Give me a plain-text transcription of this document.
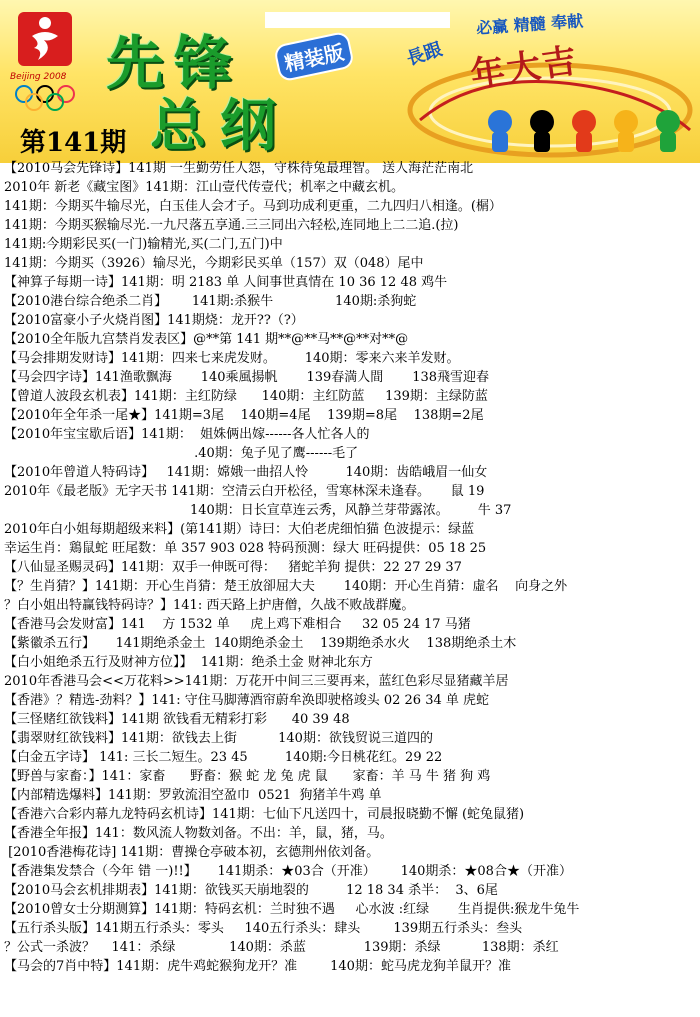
Beijing 2008 先锋	精装版
总纲
第141期
必赢 精髓 奉献
長跟 年大吉
【2010马会先锋诗】141期 一生勤劳任人怨，守株待兔最理智。 送人海茫茫南北
2010年 新老《藏宝图》141期：江山壹代传壹代；机率之中藏玄机。
141期：今期买牛输尽光，白玉佳人会才子。马到功成利更重，二九四归八相逢。(榍）
141期：今期买猴输尽光.一九尺落五享通.三三同出六轻松,连同地上二二追.(拉)
141期:今期彩民买(一门)输精光,买(二门,五门)中
141期：今期买（3926）输尽光，今期彩民买单（157）双（048）尾中
【神算子每期一诗】141期：明 2183 单 人间事世真情在 10 36 12 48 鸡牛
【2010港台综合绝杀二肖】      141期:杀猴牛               140期:杀狗蛇
【2010富豪小子火烧肖图】141期烧：龙开??（?）
【2010全年版九宫禁肖发表区】@**第 141 期**@**马**@**对**@
【马会排期发财诗】141期：四来七来虎发财。       140期：零来六来羊发财。
【马会四字诗】141渔歌飘海       140乘風揚帆       139春満人間       138飛雪迎春
【曾道人波段玄机表】141期：主红防绿      140期：主红防蓝     139期：主绿防蓝
【2010年全年杀一尾★】141期=3尾    140期=4尾    139期=8尾    138期=2尾
【2010年宝宝歇后语】141期：  姐姝俩出嫁------各人忙各人的
.40期：兔子见了鹰------毛了
【2010年曾道人特码诗】   141期：嫦娥一曲招人怜         140期：齿皓峨眉一仙女
2010年《最老版》无字天书 141期：空清云白开松径，雪寒林深未逢春。     鼠 19
140期：日长宣草连云秀，风静兰芽带露浓。       牛 37
2010年白小姐每期超级来料】(第141期）诗曰：大伯老虎细怕猫 色波提示：绿蓝
幸运生肖：鶏鼠蛇 旺尾数：单 357 903 028 特码预测：绿大 旺码提供：05 18 25
【八仙显圣赐灵码】141期：双手一伸既可得：   猪蛇羊狗 提供：22 27 29 37
【？生肖猜？】141期：开心生肖猜：楚王放卻屈大夫       140期：开心生肖猜：虛名    向身之外
？白小姐出特赢钱特码诗？】141: 西天路上护唐僧，久战不败战群魔。
【香港马会发财富】141    方 1532 单     虎上鸡下难相合     32 05 24 17 马猪
【紫徽杀五行】     141期绝杀金土  140期绝杀金土    139期绝杀水火    138期绝杀土木
【白小姐绝杀五行及财神方位】】  141期：绝杀土金 财神北东方
2010年香港马会<<万花料>>141期：万花开中间三三要再来，蓝红色彩尽显猪藏羊居
【香港》？精选-劲料？】141: 守住马脚薄酒帘蔚牟涣即驶格竣头 02 26 34 单 虎蛇
【三怪赌红欲钱料】141期 欲钱看无精彩打彩      40 39 48
【翡翠财红欲钱料】141期：欲钱去上街          140期：欲钱贸说三道四的
【白金五字诗】 141: 三长二短生。23 45         140期:今日桃花红。29 22
【野兽与家畜：】141：家畜      野畜：猴 蛇 龙 兔 虎 鼠      家畜：羊 马 牛 猪 狗 鸡
【内部精选爆料】141期：罗敦流泪空盈巾  0521  狗猪羊牛鸡 单
【香港六合彩内幕九龙特码玄机诗】141期：七仙下凡送四十，司晨报晓勤不懈 (蛇兔鼠猪)
【香港全年报】141：数风流人物数刘备。不出：羊，鼠，猪，马。
[2010香港梅花诗] 141期：曹操仓亭破本初，玄德荆州依刘备。
【香港集发禁合（今年 错 一)!!】     141期杀：★03合（开准）      140期杀：★08合★（开准）
【2010马会玄机排期表】141期：欲钱买天崩地裂的         12 18 34 杀半：  3、6尾
【2010曾女士分期测算】141期：特码玄机：兰时独不遇     心水波 :红绿       生肖提供:猴龙牛兔牛
【五行杀头版】141期五行杀头：零头     140五行杀头：肆头        139期五行杀头：叁头
？公式一杀波？    141：杀绿             140期：杀蓝              139期：杀绿          138期：杀红
【马会的7肖中特】141期：虎牛鸡蛇猴狗龙开？准        140期：蛇马虎龙狗羊鼠开？准
